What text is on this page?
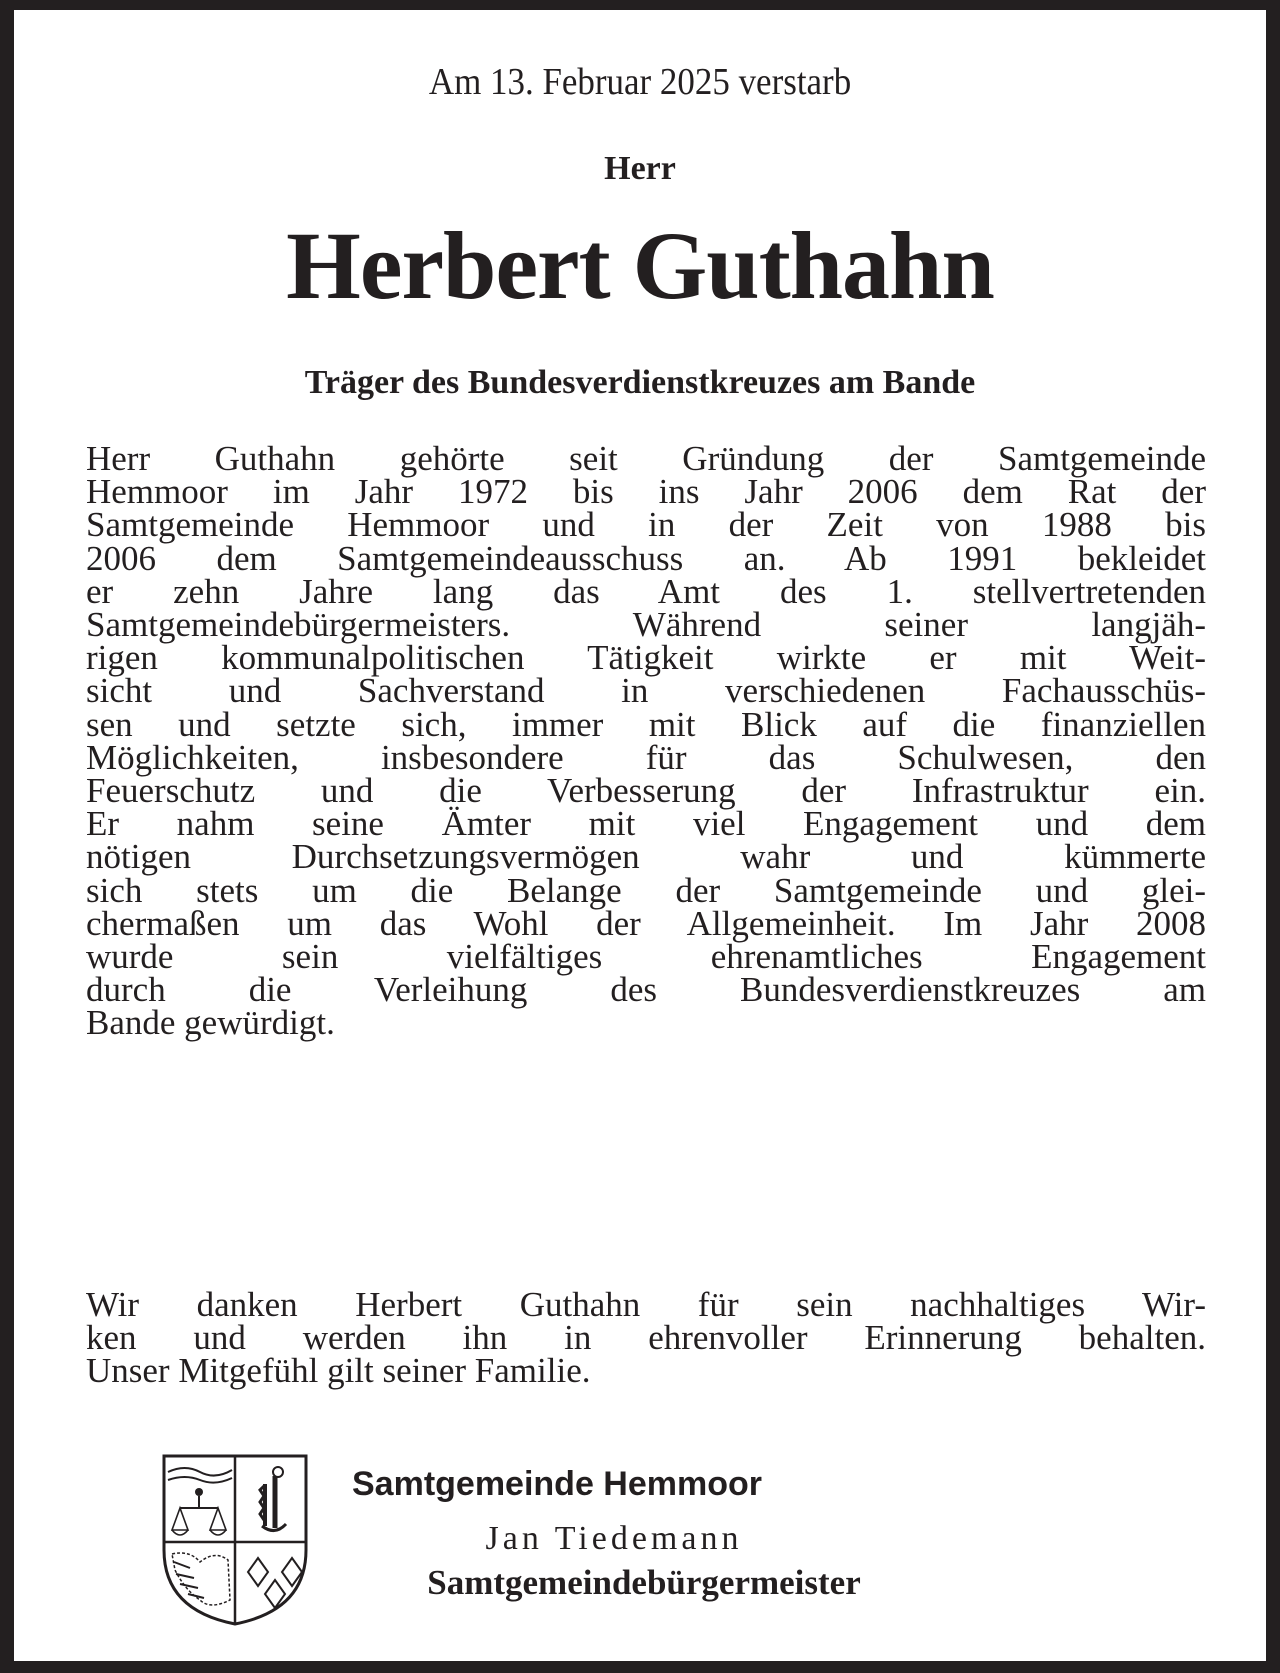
Am 13. Februar 2025 verstarb
Herr
Herbert Guthahn
Träger des Bundesverdienstkreuzes am Bande
Herr Guthahn gehörte seit Gründung der Samtgemeinde
Hemmoor im Jahr 1972 bis ins Jahr 2006 dem Rat der
Samtgemeinde Hemmoor und in der Zeit von 1988 bis
2006 dem Samtgemeindeausschuss an. Ab 1991 bekleidet
er zehn Jahre lang das Amt des 1. stellvertretenden
Samtgemeindebürgermeisters. Während seiner langjäh-
rigen kommunalpolitischen Tätigkeit wirkte er mit Weit-
sicht und Sachverstand in verschiedenen Fachausschüs-
sen und setzte sich, immer mit Blick auf die finanziellen
Möglichkeiten, insbesondere für das Schulwesen, den
Feuerschutz und die Verbesserung der Infrastruktur ein.
Er nahm seine Ämter mit viel Engagement und dem
nötigen Durchsetzungsvermögen wahr und kümmerte
sich stets um die Belange der Samtgemeinde und glei-
chermaßen um das Wohl der Allgemeinheit. Im Jahr 2008
wurde sein vielfältiges ehrenamtliches Engagement
durch die Verleihung des Bundesverdienstkreuzes am
Bande gewürdigt.
Wir danken Herbert Guthahn für sein nachhaltiges Wir-
ken und werden ihn in ehrenvoller Erinnerung behalten.
Unser Mitgefühl gilt seiner Familie.
Samtgemeinde Hemmoor
Jan Tiedemann
Samtgemeindebürgermeister
